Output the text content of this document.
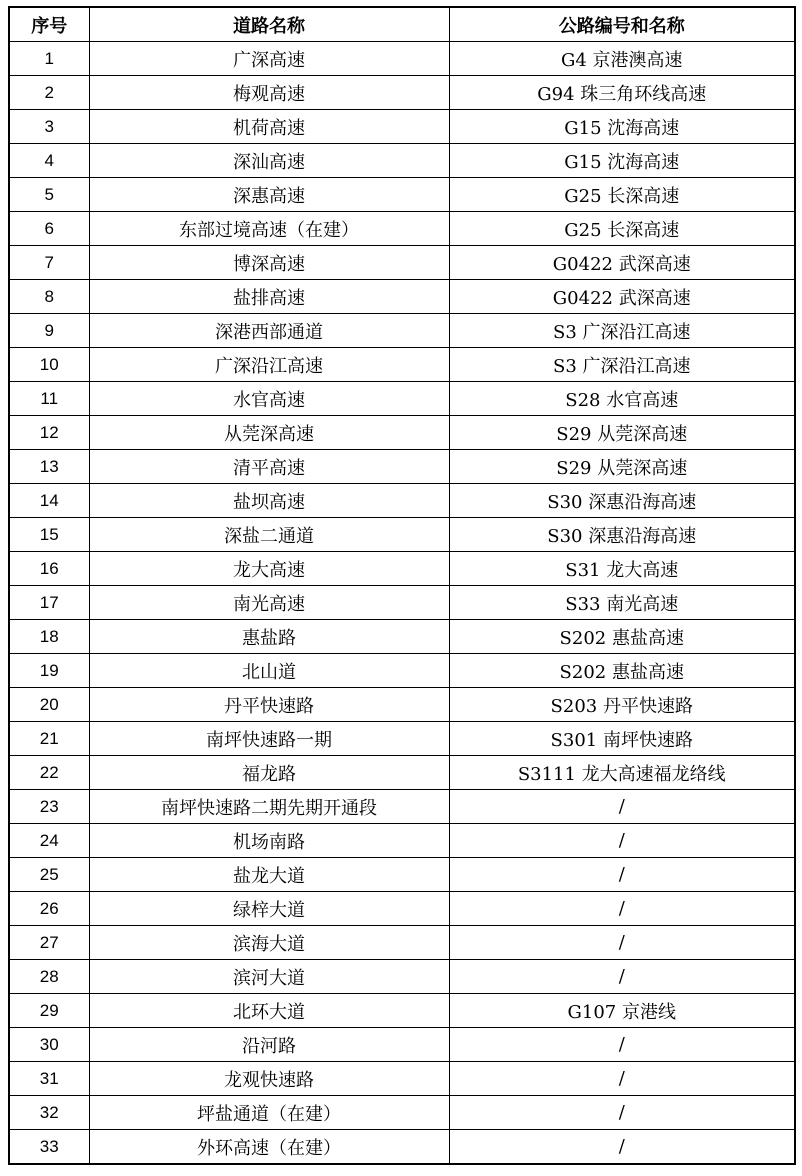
序号	道路名称	公路编号和名称
1	广深高速	G4 京港澳高速
2	梅观高速	G94 珠三角环线高速
3	机荷高速	G15 沈海高速
4	深汕高速	G15 沈海高速
5	深惠高速	G25 长深高速
6	东部过境高速（在建）	G25 长深高速
7	博深高速	G0422 武深高速
8	盐排高速	G0422 武深高速
9	深港西部通道	S3 广深沿江高速
10	广深沿江高速	S3 广深沿江高速
11	水官高速	S28 水官高速
12	从莞深高速	S29 从莞深高速
13	清平高速	S29 从莞深高速
14	盐坝高速	S30 深惠沿海高速
15	深盐二通道	S30 深惠沿海高速
16	龙大高速	S31 龙大高速
17	南光高速	S33 南光高速
18	惠盐路	S202 惠盐高速
19	北山道	S202 惠盐高速
20	丹平快速路	S203 丹平快速路
21	南坪快速路一期	S301 南坪快速路
22	福龙路	S3111 龙大高速福龙络线
23	南坪快速路二期先期开通段	/
24	机场南路	/
25	盐龙大道	/
26	绿梓大道	/
27	滨海大道	/
28	滨河大道	/
29	北环大道	G107 京港线
30	沿河路	/
31	龙观快速路	/
32	坪盐通道（在建）	/
33	外环高速（在建）	/
